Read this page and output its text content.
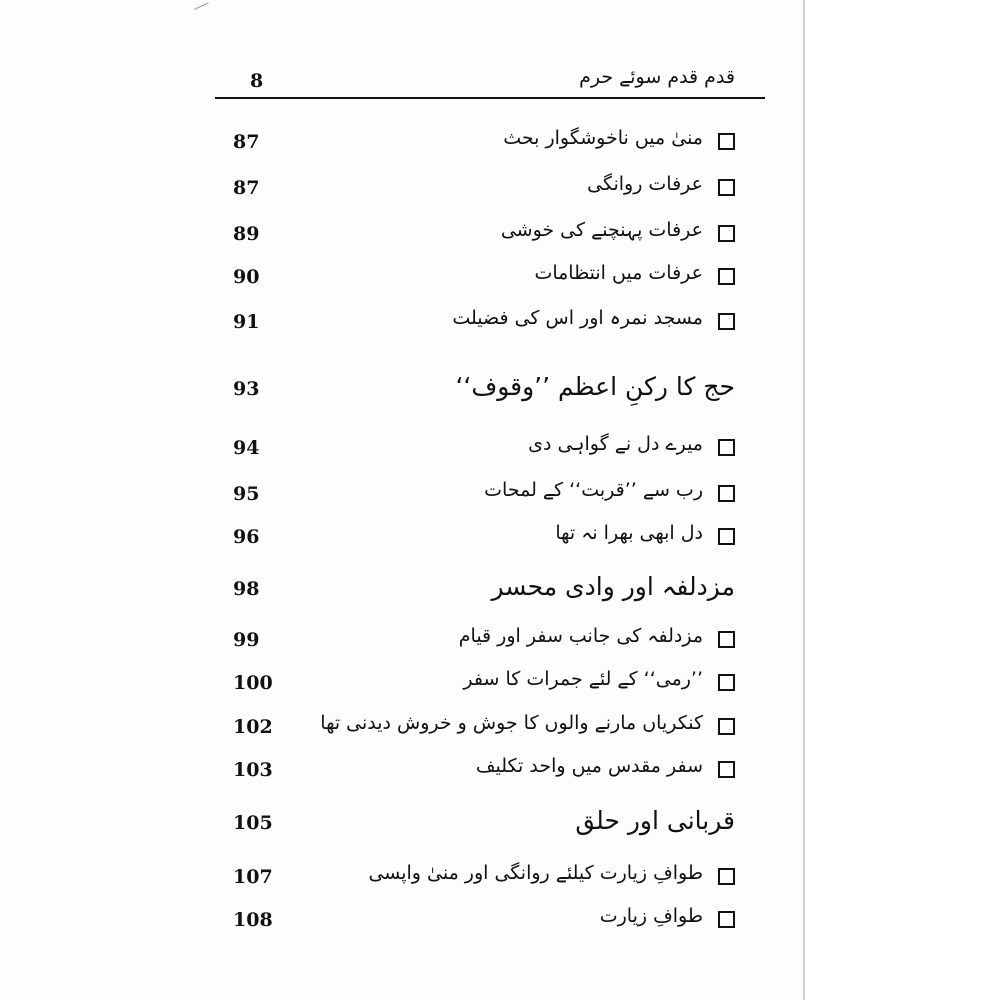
8	قدم قدم سوئے حرم
87	منیٰ میں ناخوشگوار بحث
87	عرفات روانگی
89	عرفات پہنچنے کی خوشی
90	عرفات میں انتظامات
91	مسجد نمرہ اور اس کی فضیلت
93	حج کا رکنِ اعظم ’’وقوف‘‘
94	میرے دل نے گواہی دی
95	رب سے ’’قربت‘‘ کے لمحات
96	دل ابھی بھرا نہ تھا
98	مزدلفہ اور وادی محسر
99	مزدلفہ کی جانب سفر اور قیام
100	’’رمی‘‘ کے لئے جمرات کا سفر
102	کنکریاں مارنے والوں کا جوش و خروش دیدنی تھا
103	سفر مقدس میں واحد تکلیف
105	قربانی اور حلق
107	طوافِ زیارت کیلئے روانگی اور منیٰ واپسی
108	طوافِ زیارت
